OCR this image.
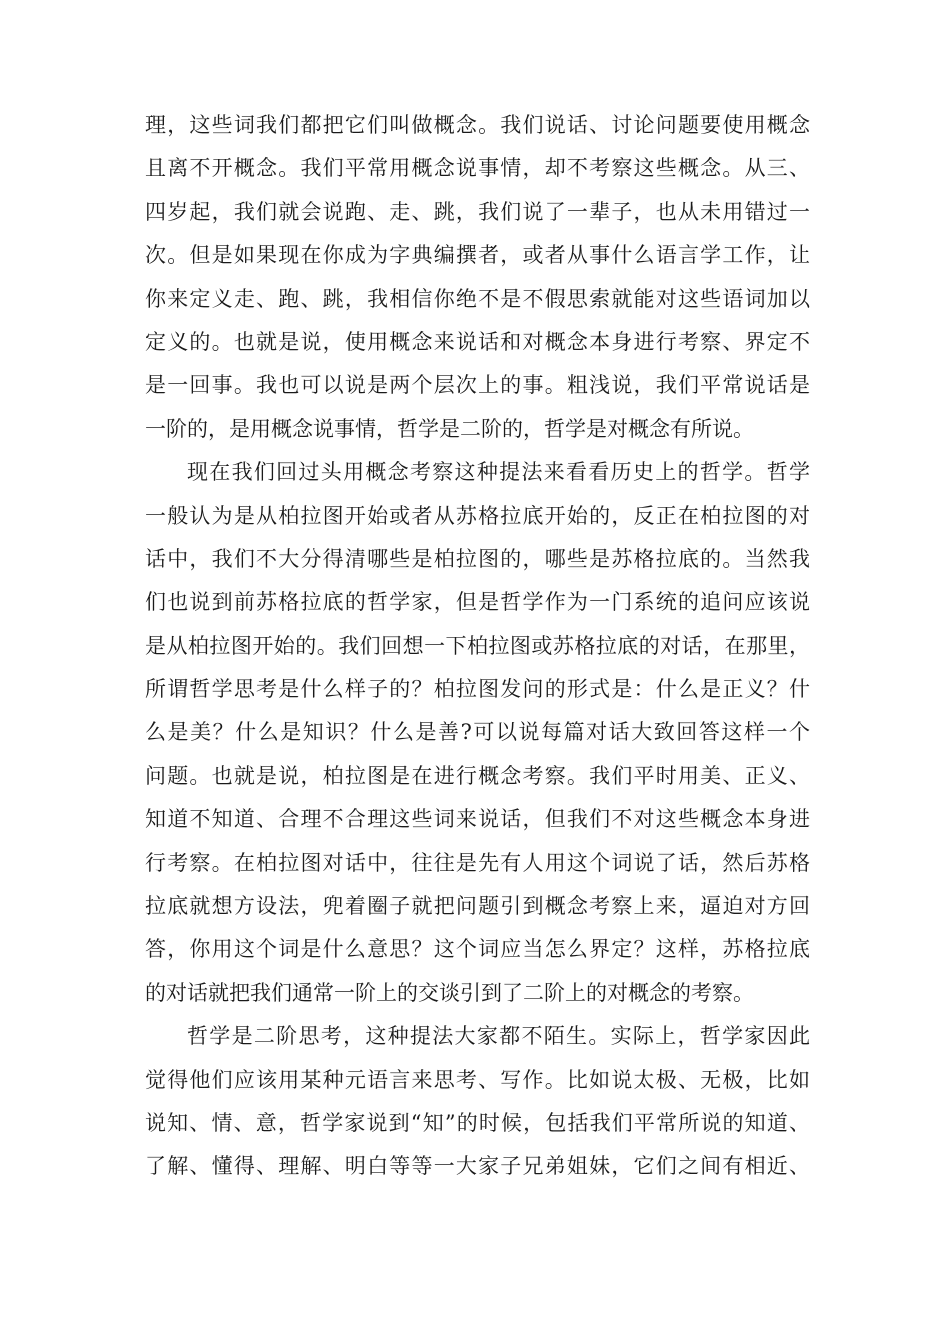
理，这些词我们都把它们叫做概念。我们说话、讨论问题要使用概念
且离不开概念。我们平常用概念说事情，却不考察这些概念。从三、
四岁起，我们就会说跑、走、跳，我们说了一辈子，也从未用错过一
次。但是如果现在你成为字典编撰者，或者从事什么语言学工作，让
你来定义走、跑、跳，我相信你绝不是不假思索就能对这些语词加以
定义的。也就是说，使用概念来说话和对概念本身进行考察、界定不
是一回事。我也可以说是两个层次上的事。粗浅说，我们平常说话是
一阶的，是用概念说事情，哲学是二阶的，哲学是对概念有所说。
现在我们回过头用概念考察这种提法来看看历史上的哲学。哲学
一般认为是从柏拉图开始或者从苏格拉底开始的，反正在柏拉图的对
话中，我们不大分得清哪些是柏拉图的，哪些是苏格拉底的。当然我
们也说到前苏格拉底的哲学家，但是哲学作为一门系统的追问应该说
是从柏拉图开始的。我们回想一下柏拉图或苏格拉底的对话，在那里，
所谓哲学思考是什么样子的？柏拉图发问的形式是：什么是正义？什
么是美？什么是知识？什么是善?可以说每篇对话大致回答这样一个
问题。也就是说，柏拉图是在进行概念考察。我们平时用美、正义、
知道不知道、合理不合理这些词来说话，但我们不对这些概念本身进
行考察。在柏拉图对话中，往往是先有人用这个词说了话，然后苏格
拉底就想方设法，兜着圈子就把问题引到概念考察上来，逼迫对方回
答，你用这个词是什么意思？这个词应当怎么界定？这样，苏格拉底
的对话就把我们通常一阶上的交谈引到了二阶上的对概念的考察。
哲学是二阶思考，这种提法大家都不陌生。实际上，哲学家因此
觉得他们应该用某种元语言来思考、写作。比如说太极、无极，比如
说知、情、意，哲学家说到“知”的时候，包括我们平常所说的知道、
了解、懂得、理解、明白等等一大家子兄弟姐妹，它们之间有相近、
